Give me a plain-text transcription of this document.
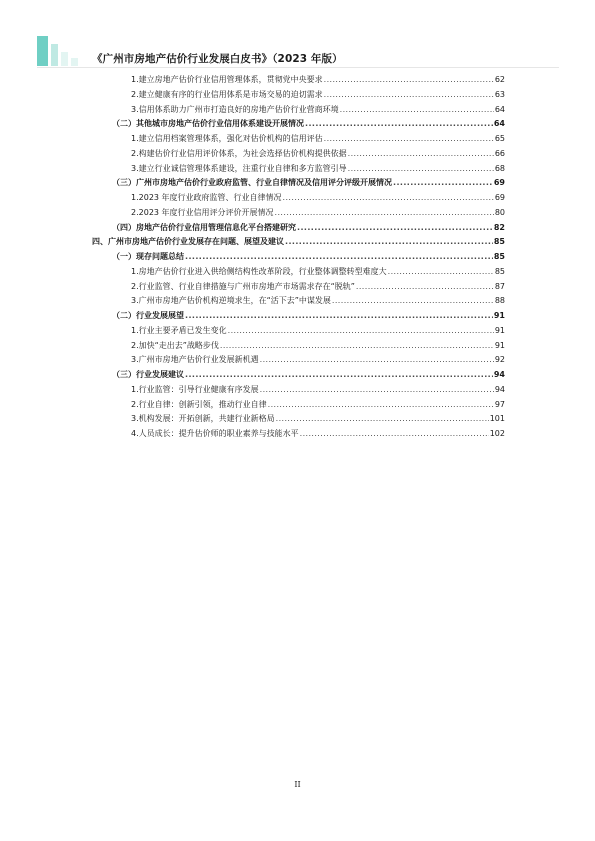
《广州市房地产估价行业发展白皮书》（2023 年版）
1.建立房地产估价行业信用管理体系，贯彻党中央要求 .....	62
2.建立健康有序的行业信用体系是市场交易的迫切需求 .....	63
3.信用体系助力广州市打造良好的房地产估价行业营商环境 .....	64
（二）其他城市房地产估价行业信用体系建设开展情况 .....	64
1.建立信用档案管理体系，强化对估价机构的信用评估 .....	65
2.构建估价行业信用评价体系，为社会选择估价机构提供依据 .....	66
3.建立行业诚信管理体系建设，注重行业自律和多方监管引导 .....	68
（三）广州市房地产估价行业政府监管、行业自律情况及信用评分评级开展情况 .....	69
1.2023 年度行业政府监管、行业自律情况 .....	69
2.2023 年度行业信用评分评价开展情况 .....	80
（四）房地产估价行业信用管理信息化平台搭建研究 .....	82
四、广州市房地产估价行业发展存在问题、展望及建议 .....	85
（一）现存问题总结 .....	85
1.房地产估价行业进入供给侧结构性改革阶段，行业整体调整转型难度大 .....	85
2.行业监管、行业自律措施与广州市房地产市场需求存在“脱轨” .....	87
3.广州市房地产估价机构逆境求生，在“活下去”中谋发展 .....	88
（二）行业发展展望 .....	91
1.行业主要矛盾已发生变化 .....	91
2.加快“走出去”战略步伐 .....	91
3.广州市房地产估价行业发展新机遇 .....	92
（三）行业发展建议 .....	94
1.行业监管：引导行业健康有序发展 .....	94
2.行业自律：创新引领，推动行业自律 .....	97
3.机构发展：开拓创新，共建行业新格局 .....	101
4.人员成长：提升估价师的职业素养与技能水平 .....	102
II
